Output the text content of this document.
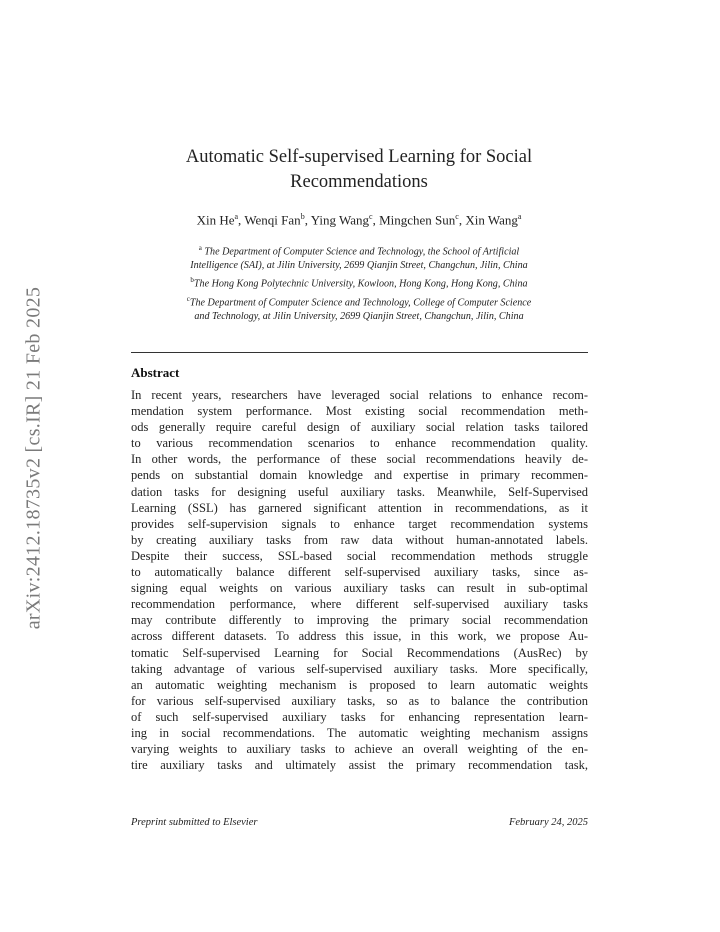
arXiv:2412.18735v2 [cs.IR] 21 Feb 2025
Automatic Self-supervised Learning for Social
Recommendations
Xin He$^a$, Wenqi Fan$^b$, Ying Wang$^c$, Mingchen Sun$^c$, Xin Wang$^a$
$^a$ The Department of Computer Science and Technology, the School of Artificial
Intelligence (SAI), at Jilin University, 2699 Qianjin Street, Changchun, Jilin, China
$^b$The Hong Kong Polytechnic University, Kowloon, Hong Kong, Hong Kong, China
$^c$The Department of Computer Science and Technology, College of Computer Science
and Technology, at Jilin University, 2699 Qianjin Street, Changchun, Jilin, China
Abstract
In recent years, researchers have leveraged social relations to enhance recom-
mendation system performance. Most existing social recommendation meth-
ods generally require careful design of auxiliary social relation tasks tailored
to various recommendation scenarios to enhance recommendation quality.
In other words, the performance of these social recommendations heavily de-
pends on substantial domain knowledge and expertise in primary recommen-
dation tasks for designing useful auxiliary tasks. Meanwhile, Self-Supervised
Learning (SSL) has garnered significant attention in recommendations, as it
provides self-supervision signals to enhance target recommendation systems
by creating auxiliary tasks from raw data without human-annotated labels.
Despite their success, SSL-based social recommendation methods struggle
to automatically balance different self-supervised auxiliary tasks, since as-
signing equal weights on various auxiliary tasks can result in sub-optimal
recommendation performance, where different self-supervised auxiliary tasks
may contribute differently to improving the primary social recommendation
across different datasets. To address this issue, in this work, we propose Au-
tomatic Self-supervised Learning for Social Recommendations (AusRec) by
taking advantage of various self-supervised auxiliary tasks. More specifically,
an automatic weighting mechanism is proposed to learn automatic weights
for various self-supervised auxiliary tasks, so as to balance the contribution
of such self-supervised auxiliary tasks for enhancing representation learn-
ing in social recommendations. The automatic weighting mechanism assigns
varying weights to auxiliary tasks to achieve an overall weighting of the en-
tire auxiliary tasks and ultimately assist the primary recommendation task,
Preprint submitted to Elsevier	February 24, 2025
